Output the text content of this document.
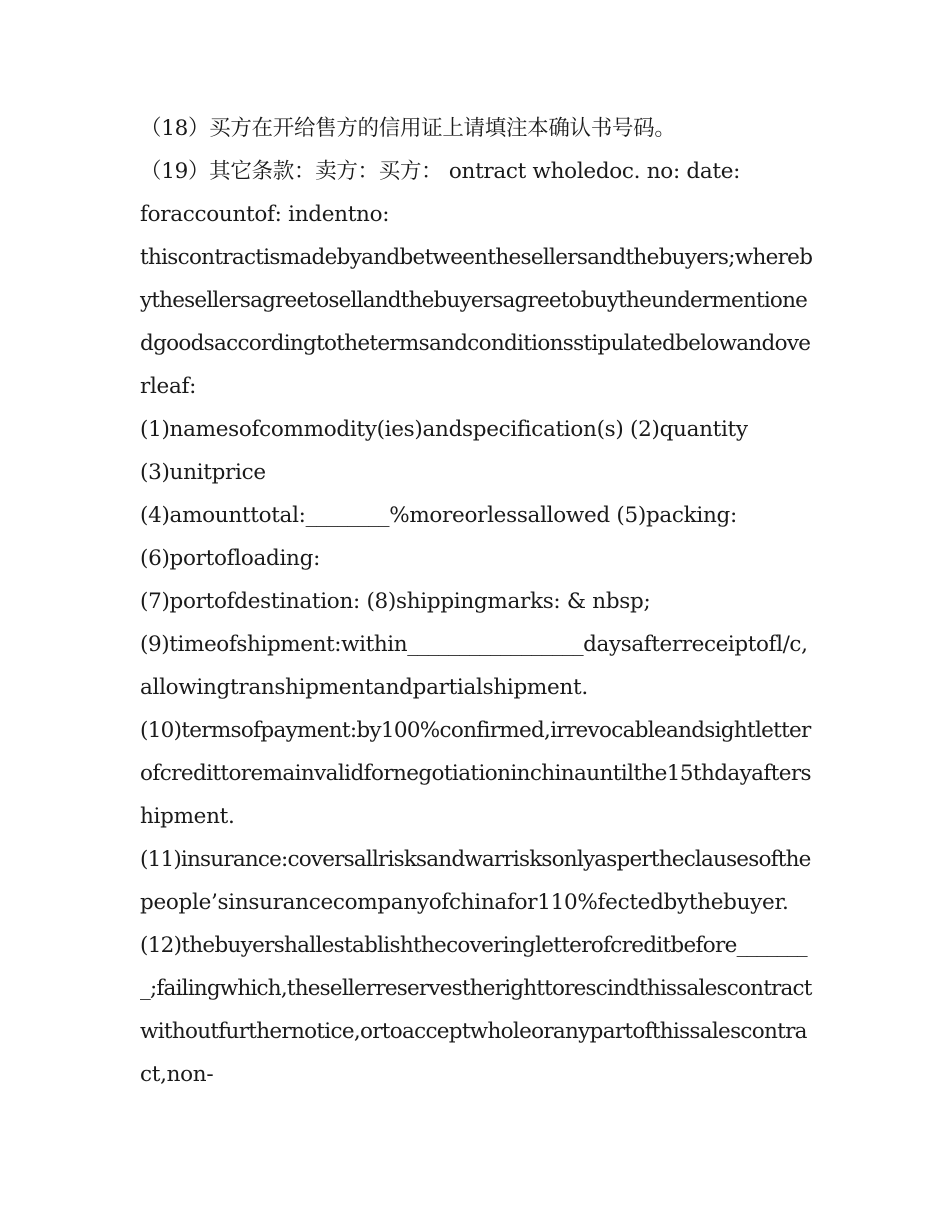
（18）买方在开给售方的信用证上请填注本确认书号码。
（19）其它条款：卖方：买方： ontract wholedoc. no: date:
foraccountof: indentno:
thiscontractismadebyandbetweenthesellersandthebuyers;whereb
ythesellersagreetosellandthebuyersagreetobuytheundermentione
dgoodsaccordingtothetermsandconditionsstipulatedbelowandove
rleaf:
(1)namesofcommodity(ies)andspecification(s) (2)quantity
(3)unitprice
(4)amounttotal:________%moreorlessallowed (5)packing:
(6)portofloading:
(7)portofdestination: (8)shippingmarks: & nbsp;
(9)timeofshipment:within_________________daysafterreceiptofl/c,
allowingtranshipmentandpartialshipment.
(10)termsofpayment:by100%confirmed,irrevocableandsightletter
ofcredittoremainvalidfornegotiationinchinauntilthe15thdayafters
hipment.
(11)insurance:coversallrisksandwarrisksonlyaspertheclausesofthe
people’sinsurancecompanyofchinafor110%fectedbythebuyer.
(12)thebuyershallestablishthecoveringletterofcreditbefore_______
_;failingwhich,thesellerreservestherighttorescindthissalescontract
withoutfurthernotice,ortoacceptwholeoranypartofthissalescontra
ct,non-
